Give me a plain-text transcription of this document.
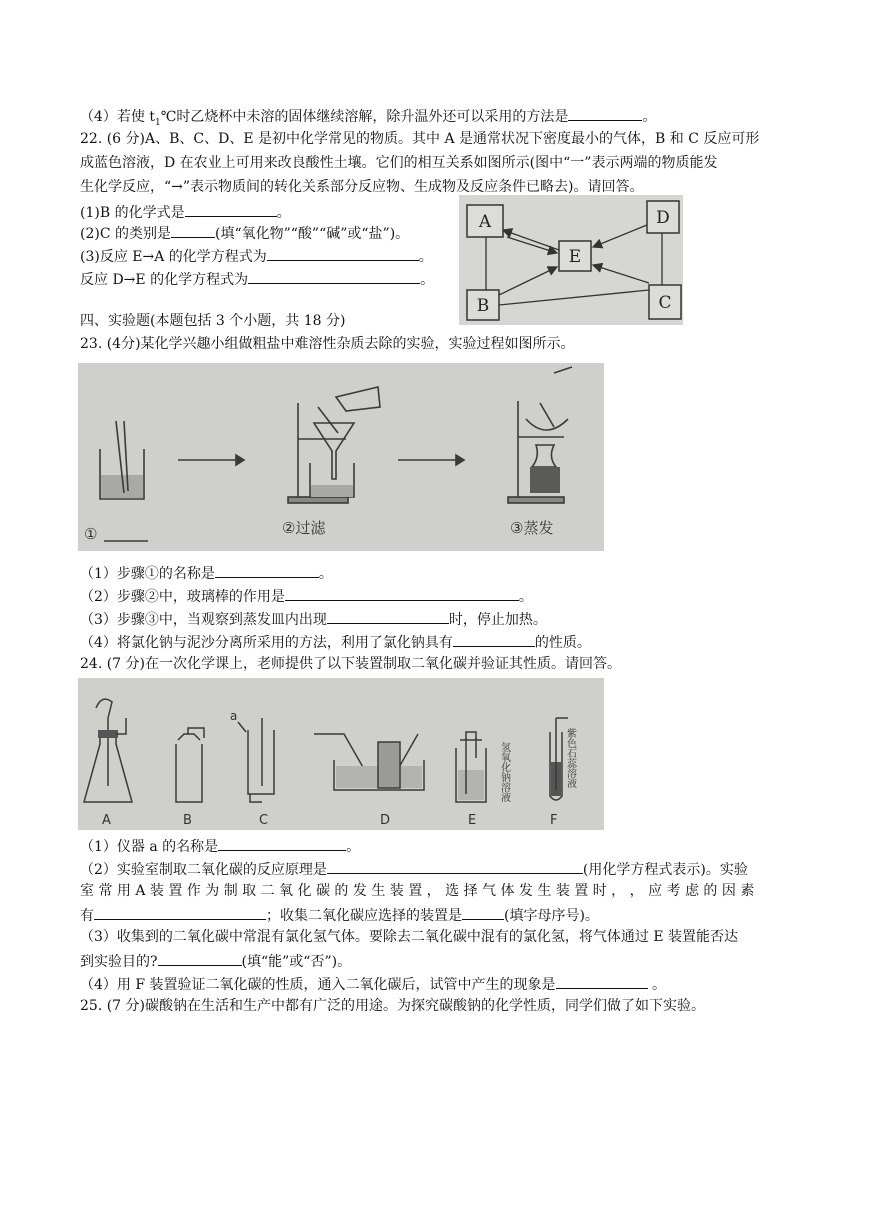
（4）若使 $t_1℃$时乙烧杯中未溶的固体继续溶解，除升温外还可以采用的方法是	。
22. (6 分)A、B、C、D、E 是初中化学常见的物质。其中 A 是通常状况下密度最小的气体，B 和 C 反应可形
成蓝色溶液，D 在农业上可用来改良酸性土壤。它们的相互关系如图所示(图中“一”表示两端的物质能发
生化学反应，“→”表示物质间的转化关系部分反应物、生成物及反应条件已略去)。请回答。
(1)B 的化学式是	。
(2)C 的类别是	(填“氧化物”“酸”“碱”或“盐”)。
(3)反应 E→A 的化学方程式为	。
反应 D→E 的化学方程式为	。
A	D
E
B	C
四、实验题(本题包括 3 个小题，共 18 分)
23. (4分)某化学兴趣小组做粗盐中难溶性杂质去除的实验，实验过程如图所示。
①	②过滤	③蒸发
（1）步骤①的名称是	。
（2）步骤②中，玻璃棒的作用是	。
（3）步骤③中，当观察到蒸发皿内出现	时，停止加热。
（4）将氯化钠与泥沙分离所采用的方法，利用了氯化钠具有	的性质。
24. (7 分)在一次化学课上，老师提供了以下装置制取二氧化碳并验证其性质。请回答。
a
氢氧化钠溶液	紫色石蕊溶液
A	B	C	D	E	F
（1）仪器 a 的名称是	。
（2）实验室制取二氧化碳的反应原理是	(用化学方程式表示)。实验
室 常 用 A 装 置 作 为 制 取 二 氧 化 碳 的 发 生 装 置 ， 选 择 气 体 发 生 装 置 时 ， ， 应 考 虑 的 因 素
有	；收集二氧化碳应选择的装置是	(填字母序号)。
（3）收集到的二氧化碳中常混有氯化氢气体。要除去二氧化碳中混有的氯化氢，将气体通过 E 装置能否达
到实验目的?	(填“能”或“否”)。
（4）用 F 装置验证二氧化碳的性质，通入二氧化碳后，试管中产生的现象是	。
25. (7 分)碳酸钠在生活和生产中都有广泛的用途。为探究碳酸钠的化学性质，同学们做了如下实验。
